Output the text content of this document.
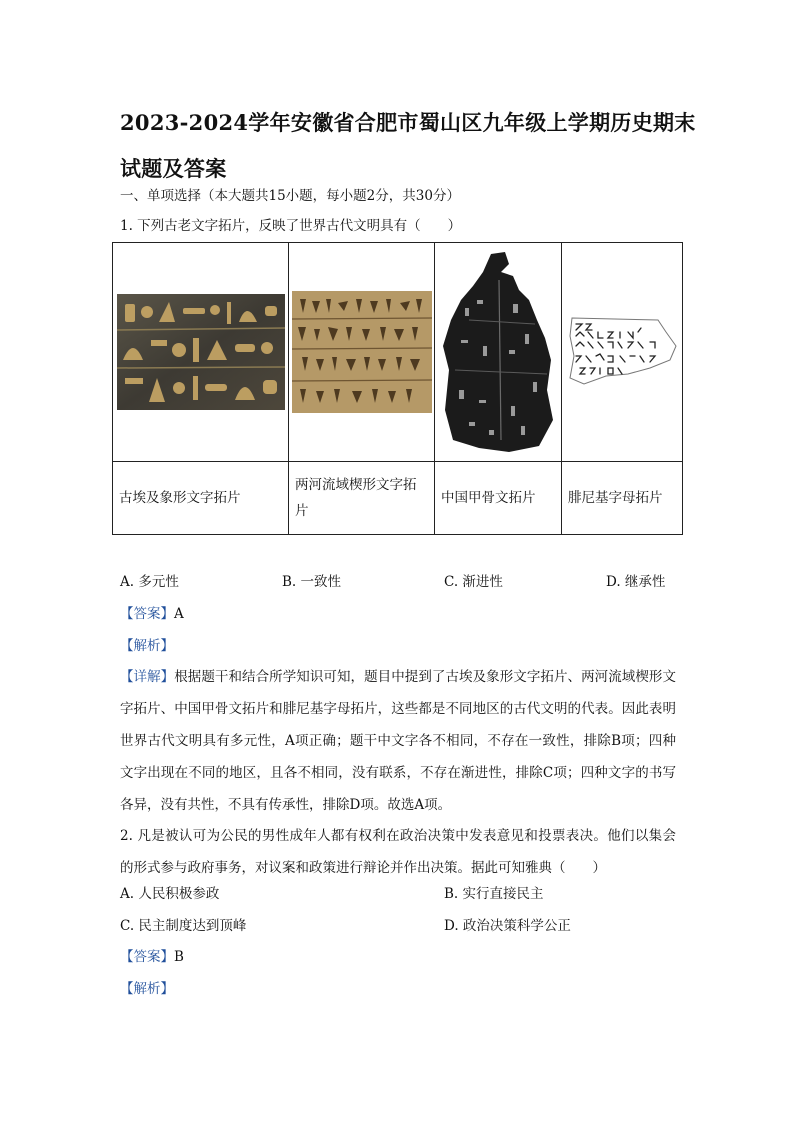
2023-2024学年安徽省合肥市蜀山区九年级上学期历史期末试题及答案
一、单项选择（本大题共15小题，每小题2分，共30分）
1. 下列古老文字拓片，反映了世界古代文明具有（　　）

古埃及象形文字拓片	两河流域楔形文字拓片	中国甲骨文拓片	腓尼基字母拓片
A. 多元性	B. 一致性	C. 渐进性	D. 继承性
【答案】A
【解析】
【详解】根据题干和结合所学知识可知，题目中提到了古埃及象形文字拓片、两河流域楔形文字拓片、中国甲骨文拓片和腓尼基字母拓片，这些都是不同地区的古代文明的代表。因此表明世界古代文明具有多元性，A项正确；题干中文字各不相同，不存在一致性，排除B项；四种文字出现在不同的地区，且各不相同，没有联系，不存在渐进性，排除C项；四种文字的书写各异，没有共性，不具有传承性，排除D项。故选A项。
2. 凡是被认可为公民的男性成年人都有权利在政治决策中发表意见和投票表决。他们以集会的形式参与政府事务，对议案和政策进行辩论并作出决策。据此可知雅典（　　）
A. 人民积极参政	B. 实行直接民主
C. 民主制度达到顶峰	D. 政治决策科学公正
【答案】B
【解析】
